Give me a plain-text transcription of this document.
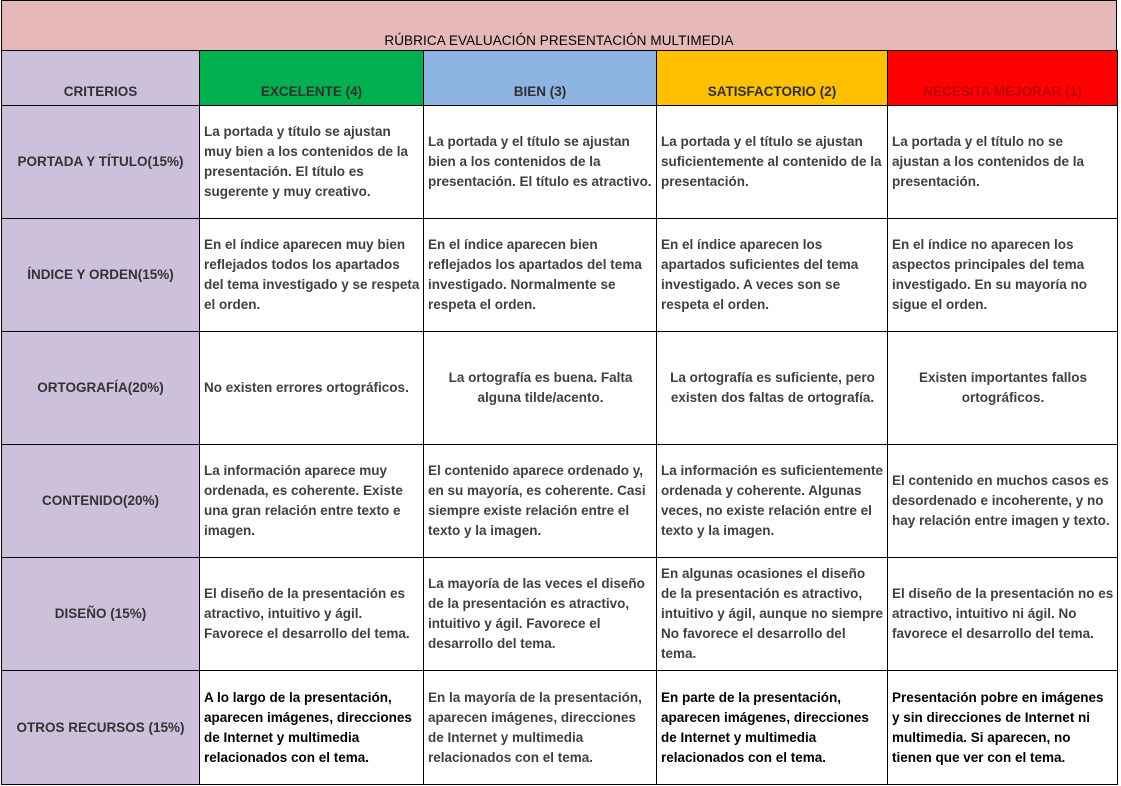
RÚBRICA EVALUACIÓN PRESENTACIÓN MULTIMEDIA
CRITERIOS	EXCELENTE (4)	BIEN (3)	SATISFACTORIO (2)	NECESITA MEJORAR (1)
PORTADA Y TÍTULO(15%)	La portada y título se ajustan muy bien a los contenidos de la presentación. El título es sugerente y muy creativo.	La portada y el título se ajustan bien a los contenidos de la presentación. El título es atractivo.	La portada y el título se ajustan suficientemente al contenido de la presentación.	La portada y el título no se ajustan a los contenidos de la presentación.
ÍNDICE Y ORDEN(15%)	En el índice aparecen muy bien reflejados todos los apartados del tema investigado y se respeta el orden.	En el índice aparecen bien reflejados los apartados del tema investigado. Normalmente se respeta el orden.	En el índice aparecen los apartados suficientes del tema investigado. A veces son se respeta el orden.	En el índice no aparecen los aspectos principales del tema investigado. En su mayoría no sigue el orden.
ORTOGRAFÍA(20%)	No existen errores ortográficos.	La ortografía es buena. Falta alguna tilde/acento.	La ortografía es suficiente, pero existen dos faltas de ortografía.	Existen importantes fallos ortográficos.
CONTENIDO(20%)	La información aparece muy ordenada, es coherente. Existe una gran relación entre texto e imagen.	El contenido aparece ordenado y, en su mayoría, es coherente. Casi siempre existe relación entre el texto y la imagen.	La información es suficientemente ordenada y coherente. Algunas veces, no existe relación entre el texto y la imagen.	El contenido en muchos casos es desordenado e incoherente, y no hay relación entre imagen y texto.
DISEÑO (15%)	El diseño de la presentación es atractivo, intuitivo y ágil. Favorece el desarrollo del tema.	La mayoría de las veces el diseño de la presentación es atractivo, intuitivo y ágil. Favorece el desarrollo del tema.	En algunas ocasiones el diseño de la presentación es atractivo, intuitivo y ágil, aunque no siempre No favorece el desarrollo del tema.	El diseño de la presentación no es atractivo, intuitivo ni ágil. No favorece el desarrollo del tema.
OTROS RECURSOS (15%)	A lo largo de la presentación, aparecen imágenes, direcciones de Internet y multimedia relacionados con el tema.	En la mayoría de la presentación, aparecen imágenes, direcciones de Internet y multimedia relacionados con el tema.	En parte de la presentación, aparecen imágenes, direcciones de Internet y multimedia relacionados con el tema.	Presentación pobre en imágenes y sin direcciones de Internet ni multimedia. Si aparecen, no tienen que ver con el tema.
